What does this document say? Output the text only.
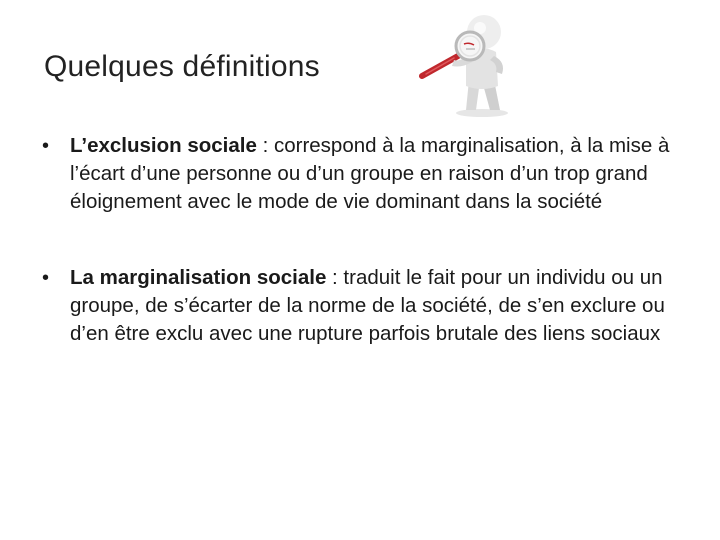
Quelques définitions
• L’exclusion sociale : correspond à la marginalisation, à la mise à l’écart d’une personne ou d’un groupe en raison d’un trop grand éloignement avec le mode de vie dominant dans la société
• La marginalisation sociale : traduit le fait pour un individu ou un groupe, de s’écarter de la norme de la société, de s’en exclure ou d’en être exclu avec une rupture parfois brutale des liens sociaux
